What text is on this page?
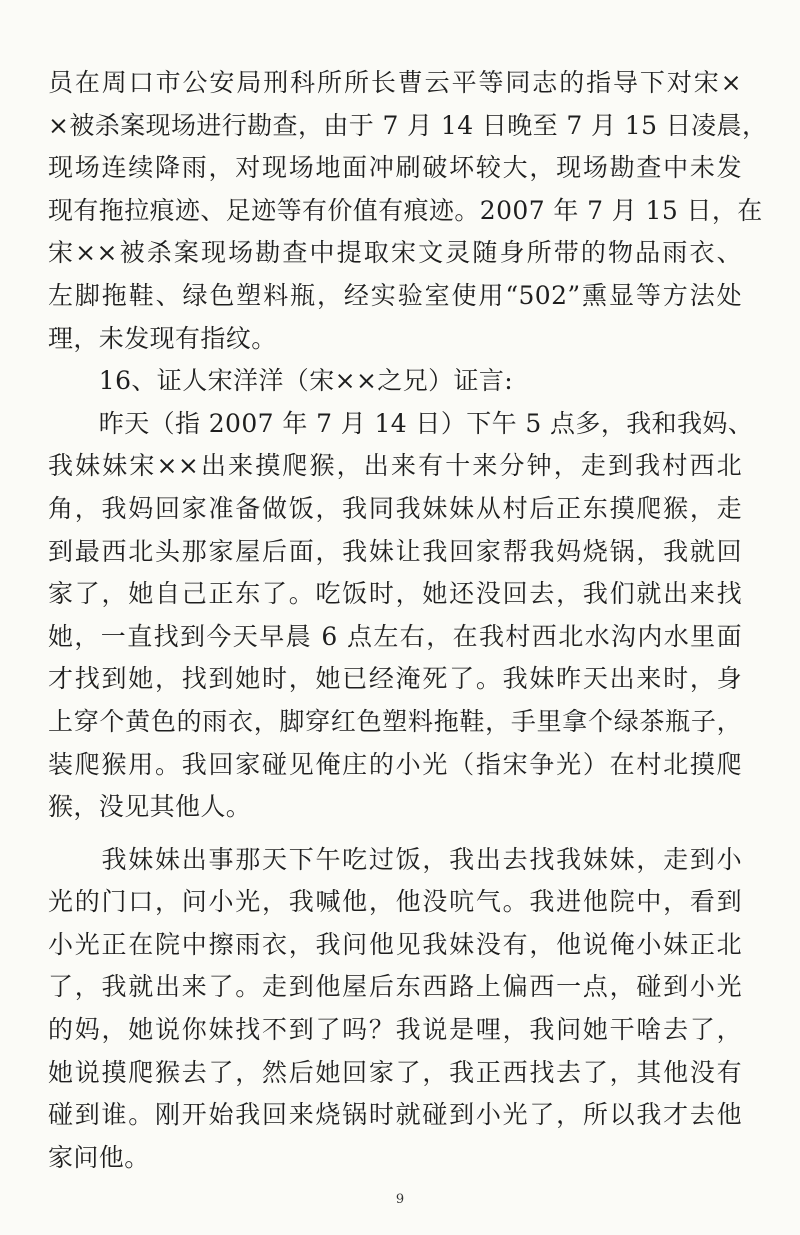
员在周口市公安局刑科所所长曹云平等同志的指导下对宋×
×被杀案现场进行勘查，由于 7 月 14 日晚至 7 月 15 日凌晨，
现场连续降雨，对现场地面冲刷破坏较大，现场勘查中未发
现有拖拉痕迹、足迹等有价值有痕迹。2007 年 7 月 15 日，在
宋××被杀案现场勘查中提取宋文灵随身所带的物品雨衣、
左脚拖鞋、绿色塑料瓶，经实验室使用“502”熏显等方法处
理，未发现有指纹。
　　16、证人宋洋洋（宋××之兄）证言:
　　昨天（指 2007 年 7 月 14 日）下午 5 点多，我和我妈、
我妹妹宋××出来摸爬猴，出来有十来分钟，走到我村西北
角，我妈回家准备做饭，我同我妹妹从村后正东摸爬猴，走
到最西北头那家屋后面，我妹让我回家帮我妈烧锅，我就回
家了，她自己正东了。吃饭时，她还没回去，我们就出来找
她，一直找到今天早晨 6 点左右，在我村西北水沟内水里面
才找到她，找到她时，她已经淹死了。我妹昨天出来时，身
上穿个黄色的雨衣，脚穿红色塑料拖鞋，手里拿个绿茶瓶子，
装爬猴用。我回家碰见俺庄的小光（指宋争光）在村北摸爬
猴，没见其他人。
　　我妹妹出事那天下午吃过饭，我出去找我妹妹，走到小
光的门口，问小光，我喊他，他没吭气。我进他院中，看到
小光正在院中擦雨衣，我问他见我妹没有，他说俺小妹正北
了，我就出来了。走到他屋后东西路上偏西一点，碰到小光
的妈，她说你妹找不到了吗？我说是哩，我问她干啥去了，
她说摸爬猴去了，然后她回家了，我正西找去了，其他没有
碰到谁。刚开始我回来烧锅时就碰到小光了，所以我才去他
家问他。
9
